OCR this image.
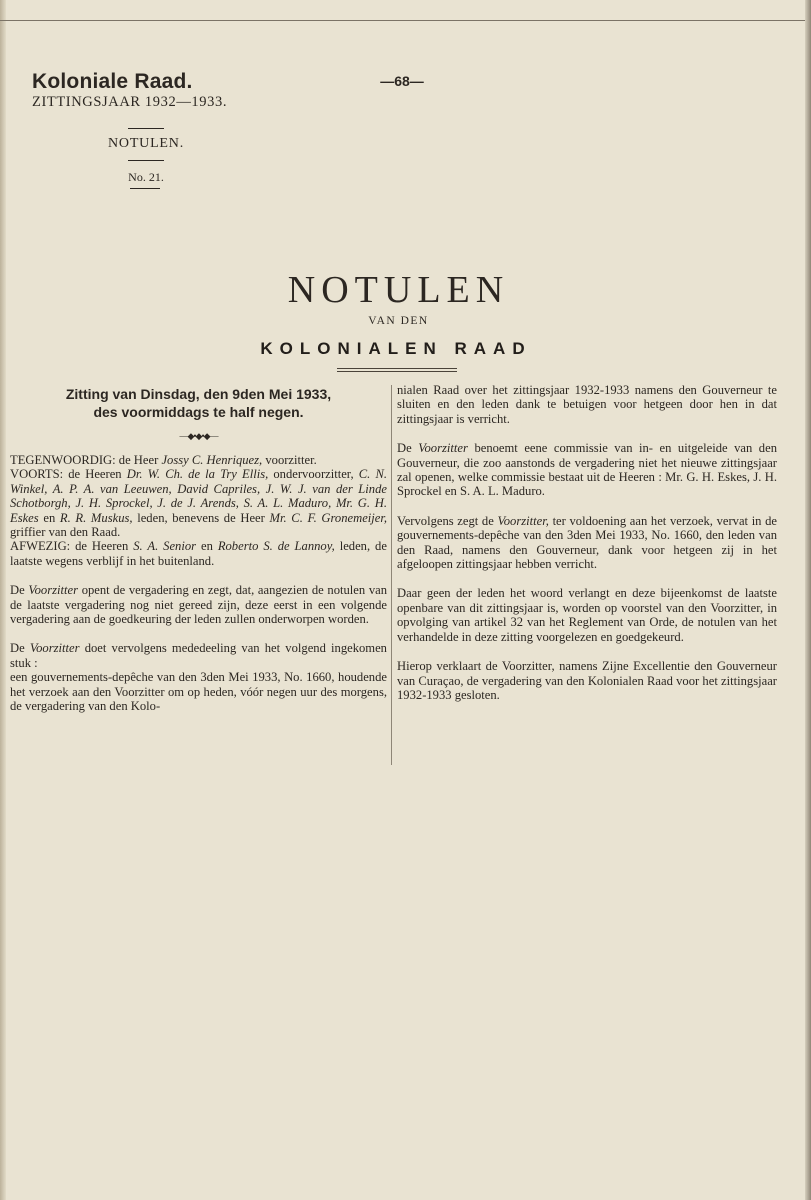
Koloniale Raad.
ZITTINGSJAAR 1932—1933.
—68—
NOTULEN.
No. 21.
NOTULEN
VAN DEN
KOLONIALEN RAAD
Zitting van Dinsdag, den 9den Mei 1933,
des voormiddags te half negen.
—◆•◆•◆—

TEGENWOORDIG: de Heer Jossy C. Henriquez, voorzitter.

VOORTS: de Heeren Dr. W. Ch. de la Try Ellis, ondervoorzitter, C. N. Winkel, A. P. A. van Leeuwen, David Capriles, J. W. J. van der Linde Schotborgh, J. H. Sprockel, J. de J. Arends, S. A. L. Maduro, Mr. G. H. Eskes en R. R. Muskus, leden, benevens de Heer Mr. C. F. Gronemeijer, griffier van den Raad.

AFWEZIG: de Heeren S. A. Senior en Roberto S. de Lannoy, leden, de laatste wegens verblijf in het buitenland.

De Voorzitter opent de vergadering en zegt, dat, aangezien de notulen van de laatste vergadering nog niet gereed zijn, deze eerst in een volgende vergadering aan de goedkeuring der leden zullen onderworpen worden.

De Voorzitter doet vervolgens mededeeling van het volgend ingekomen stuk :

een gouvernements-depêche van den 3den Mei 1933, No. 1660, houdende het verzoek aan den Voorzitter om op heden, vóór negen uur des morgens, de vergadering van den Kolo-

nialen Raad over het zittingsjaar 1932-1933 namens den Gouverneur te sluiten en den leden dank te betuigen voor hetgeen door hen in dat zittingsjaar is verricht.

De Voorzitter benoemt eene commissie van in- en uitgeleide van den Gouverneur, die zoo aanstonds de vergadering niet het nieuwe zittingsjaar zal openen, welke commissie bestaat uit de Heeren : Mr. G. H. Eskes, J. H. Sprockel en S. A. L. Maduro.

Vervolgens zegt de Voorzitter, ter voldoening aan het verzoek, vervat in de gouvernements-depêche van den 3den Mei 1933, No. 1660, den leden van den Raad, namens den Gouverneur, dank voor hetgeen zij in het afgeloopen zittingsjaar hebben verricht.

Daar geen der leden het woord verlangt en deze bijeenkomst de laatste openbare van dit zittingsjaar is, worden op voorstel van den Voorzitter, in opvolging van artikel 32 van het Reglement van Orde, de notulen van het verhandelde in deze zitting voorgelezen en goedgekeurd.

Hierop verklaart de Voorzitter, namens Zijne Excellentie den Gouverneur van Curaçao, de vergadering van den Kolonialen Raad voor het zittingsjaar 1932-1933 gesloten.
